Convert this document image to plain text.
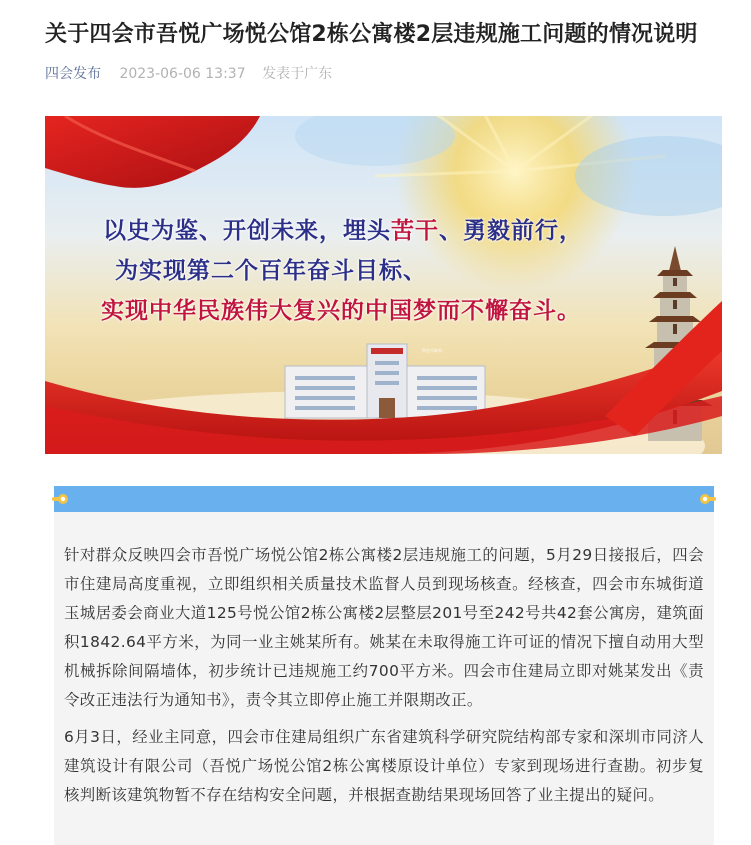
关于四会市吾悦广场悦公馆2栋公寓楼2层违规施工问题的情况说明
四会发布 2023-06-06 13:37 发表于广东
以史为鉴、开创未来，埋头苦干、勇毅前行，
为实现第二个百年奋斗目标、
实现中华民族伟大复兴的中国梦而不懈奋斗。
四会市政府

针对群众反映四会市吾悦广场悦公馆2栋公寓楼2层违规施工的问题，5月29日接报后，四会市住建局高度重视，立即组织相关质量技术监督人员到现场核查。经核查，四会市东城街道玉城居委会商业大道125号悦公馆2栋公寓楼2层整层201号至242号共42套公寓房，建筑面积1842.64平方米，为同一业主姚某所有。姚某在未取得施工许可证的情况下擅自动用大型机械拆除间隔墙体，初步统计已违规施工约700平方米。四会市住建局立即对姚某发出《责令改正违法行为通知书》，责令其立即停止施工并限期改正。

6月3日，经业主同意，四会市住建局组织广东省建筑科学研究院结构部专家和深圳市同济人建筑设计有限公司（吾悦广场悦公馆2栋公寓楼原设计单位）专家到现场进行查勘。初步复核判断该建筑物暂不存在结构安全问题，并根据查勘结果现场回答了业主提出的疑问。
